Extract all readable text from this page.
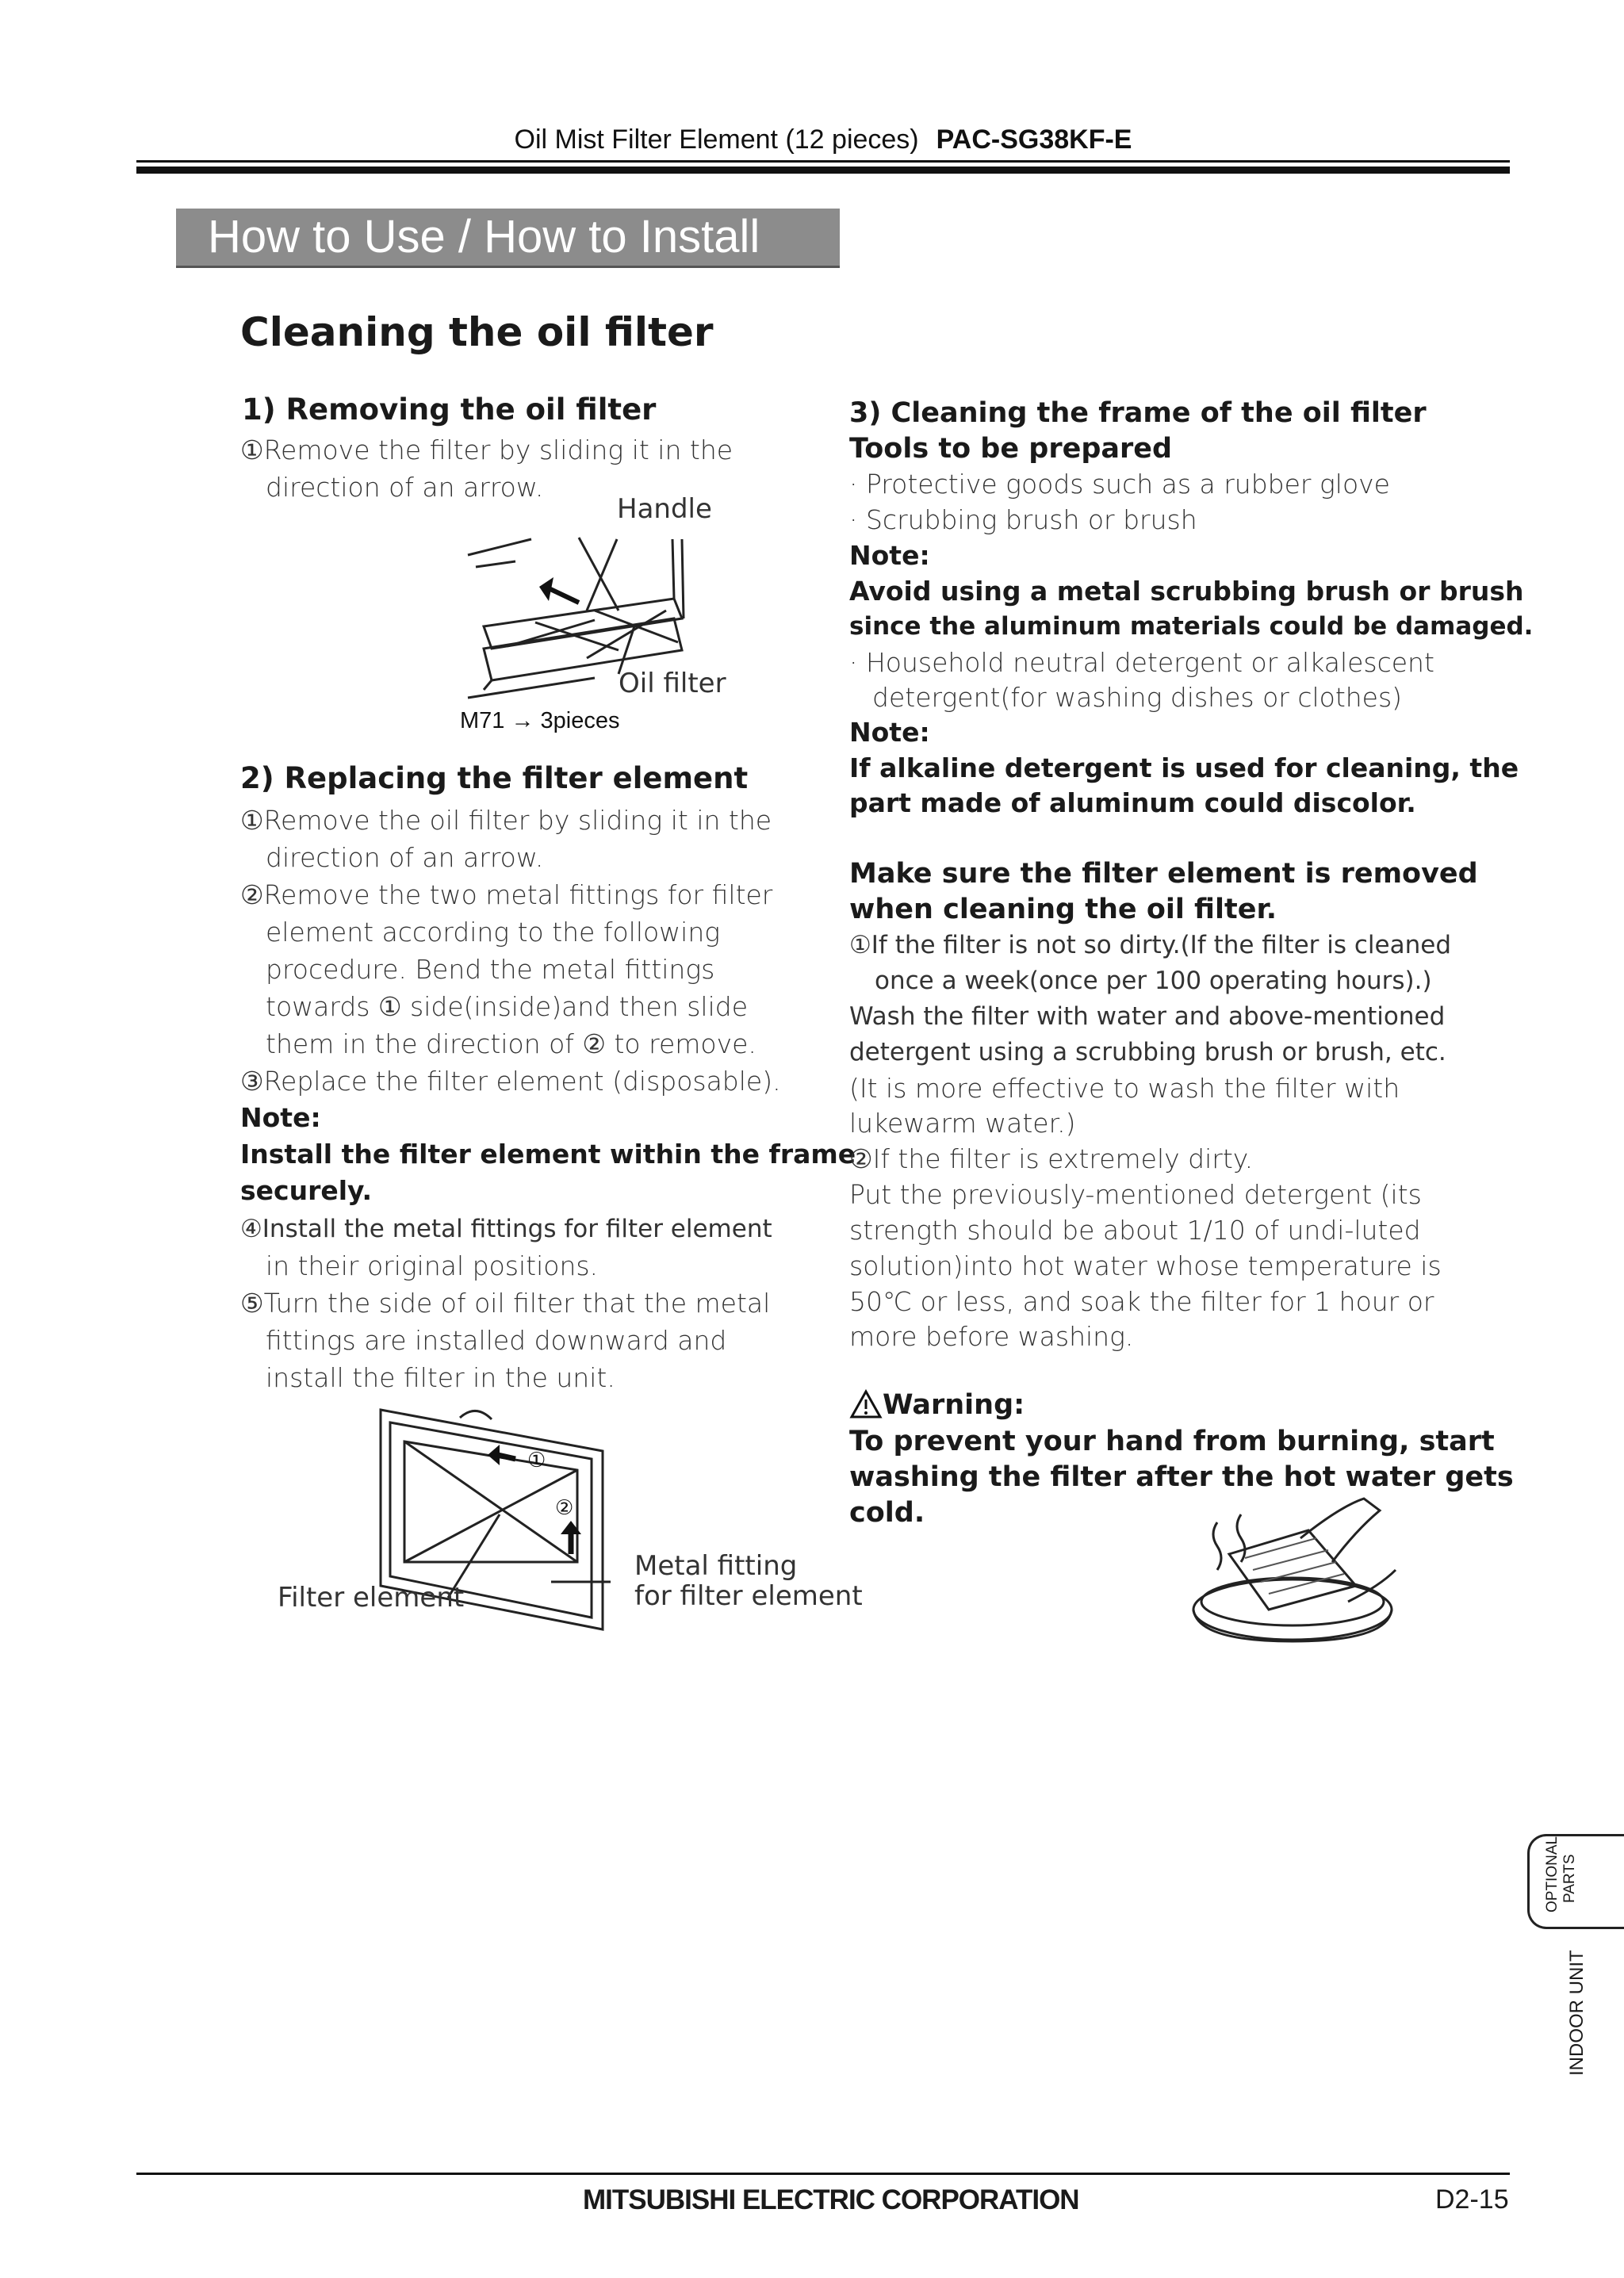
Oil Mist Filter Element (12 pieces) PAC-SG38KF-E
How to Use / How to Install
Cleaning the oil filter
1) Removing the oil filter
①Remove the filter by sliding it in the
direction of an arrow.
Handle
Oil filter
M71 → 3pieces
2) Replacing the filter element
①Remove the oil filter by sliding it in the
direction of an arrow.
②Remove the two metal fittings for filter
element according to the following
procedure. Bend the metal fittings
towards ① side(inside)and then slide
them in the direction of ② to remove.
③Replace the filter element (disposable).
Note:
Install the filter element within the frame
securely.
④Install the metal fittings for filter element
in their original positions.
⑤Turn the side of oil filter that the metal
fittings are installed downward and
install the filter in the unit.
①
②
Filter element
Metal fitting
for filter element
3) Cleaning the frame of the oil filter
Tools to be prepared
· Protective goods such as a rubber glove
· Scrubbing brush or brush
Note:
Avoid using a metal scrubbing brush or brush
since the aluminum materials could be damaged.
· Household neutral detergent or alkalescent
detergent(for washing dishes or clothes)
Note:
If alkaline detergent is used for cleaning, the
part made of aluminum could discolor.
Make sure the filter element is removed
when cleaning the oil filter.
①If the filter is not so dirty.(If the filter is cleaned
once a week(once per 100 operating hours).)
Wash the filter with water and above-mentioned
detergent using a scrubbing brush or brush, etc.
(It is more effective to wash the filter with
lukewarm water.)
②If the filter is extremely dirty.
Put the previously-mentioned detergent (its
strength should be about 1/10 of undi-luted
solution)into hot water whose temperature is
50℃ or less, and soak the filter for 1 hour or
more before washing.
Warning:
To prevent your hand from burning, start
washing the filter after the hot water gets
cold.
OPTIONAL PARTS
INDOOR UNIT
MITSUBISHI ELECTRIC CORPORATION	D2-15
